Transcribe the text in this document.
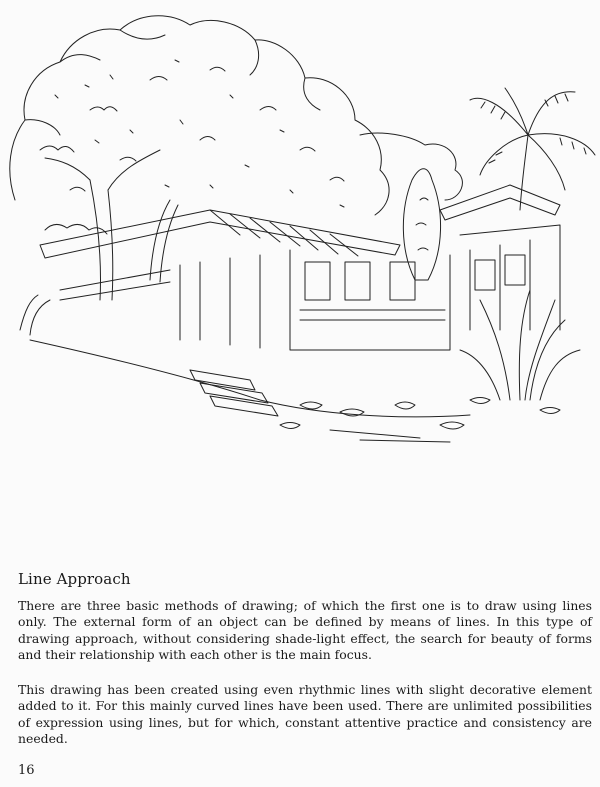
Line Approach

There are three basic methods of drawing; of which the first one is to draw using lines only. The external form of an object can be defined by means of lines. In this type of drawing approach, without considering shade-light effect, the search for beauty of forms and their relationship with each other is the main focus.

This drawing has been created using even rhythmic lines with slight decorative element added to it. For this mainly curved lines have been used. There are unlimited possibilities of expression using lines, but for which, constant attentive practice and consistency are needed.

16
